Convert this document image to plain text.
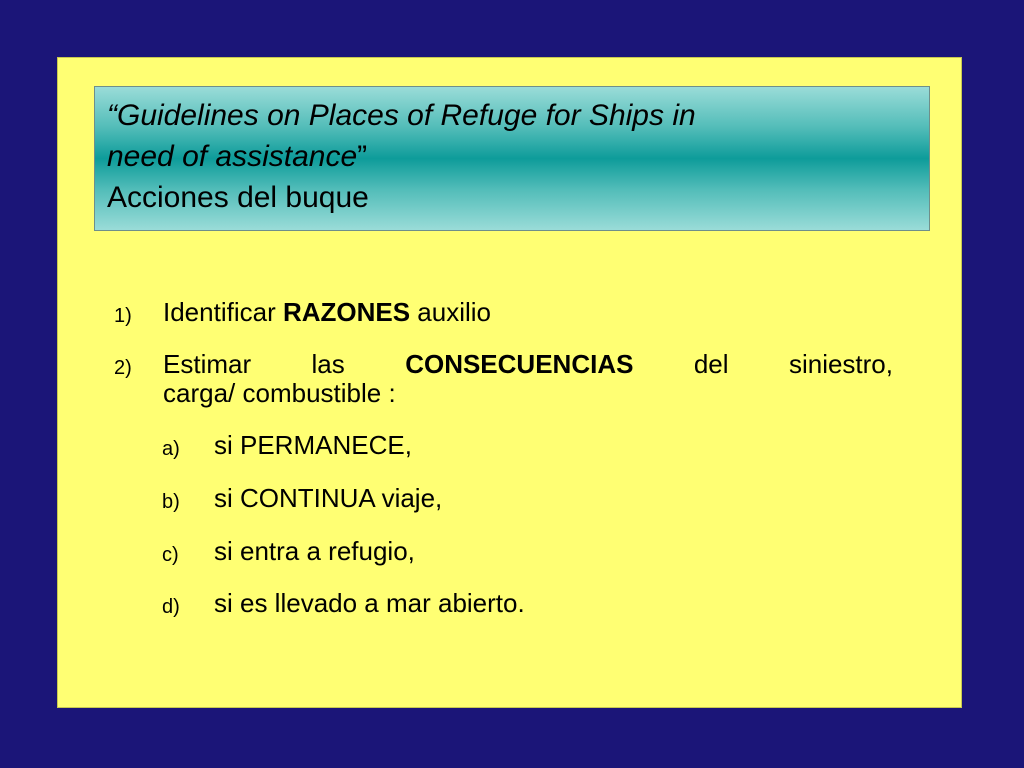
“Guidelines on Places of Refuge for Ships in
need of assistance”
Acciones del buque
1) Identificar RAZONES auxilio
2) Estimar las CONSECUENCIAS del siniestro,
carga/ combustible :
a) si PERMANECE,
b) si CONTINUA viaje,
c) si entra a refugio,
d) si es llevado a mar abierto.
